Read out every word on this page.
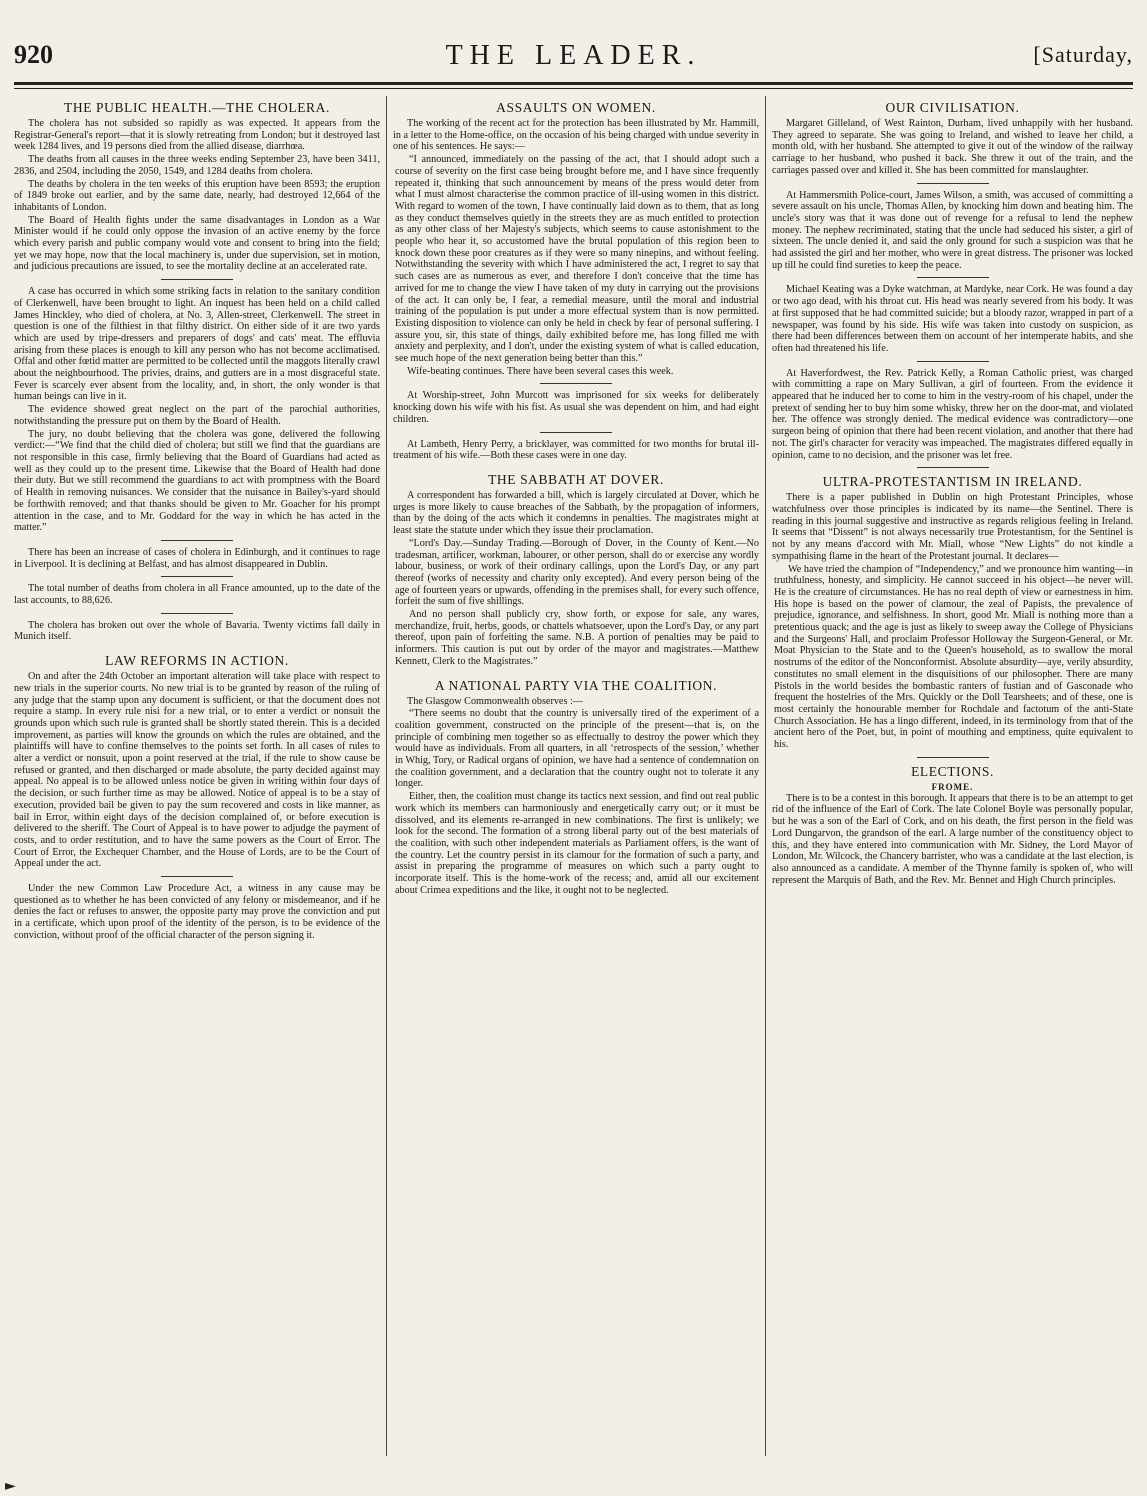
920	THE LEADER.	[Saturday,
THE PUBLIC HEALTH.—THE CHOLERA.

The cholera has not subsided so rapidly as was expected. It appears from the Registrar-General's report—that it is slowly retreating from London; but it destroyed last week 1284 lives, and 19 persons died from the allied disease, diarrhœa.

The deaths from all causes in the three weeks ending September 23, have been 3411, 2836, and 2504, including the 2050, 1549, and 1284 deaths from cholera.

The deaths by cholera in the ten weeks of this eruption have been 8593; the eruption of 1849 broke out earlier, and by the same date, nearly, had destroyed 12,664 of the inhabitants of London.

The Board of Health fights under the same disadvantages in London as a War Minister would if he could only oppose the invasion of an active enemy by the force which every parish and public company would vote and consent to bring into the field; yet we may hope, now that the local machinery is, under due supervision, set in motion, and judicious precautions are issued, to see the mortality decline at an accelerated rate.

A case has occurred in which some striking facts in relation to the sanitary condition of Clerkenwell, have been brought to light. An inquest has been held on a child called James Hinckley, who died of cholera, at No. 3, Allen-street, Clerkenwell. The street in question is one of the filthiest in that filthy district. On either side of it are two yards which are used by tripe-dressers and preparers of dogs' and cats' meat. The effluvia arising from these places is enough to kill any person who has not become acclimatised. Offal and other fœtid matter are permitted to be collected until the maggots literally crawl about the neighbourhood. The privies, drains, and gutters are in a most disgraceful state. Fever is scarcely ever absent from the locality, and, in short, the only wonder is that human beings can live in it.

The evidence showed great neglect on the part of the parochial authorities, notwithstanding the pressure put on them by the Board of Health.

The jury, no doubt believing that the cholera was gone, delivered the following verdict:—“We find that the child died of cholera; but still we find that the guardians are not responsible in this case, firmly believing that the Board of Guardians had acted as well as they could up to the present time. Likewise that the Board of Health had done their duty. But we still recommend the guardians to act with promptness with the Board of Health in removing nuisances. We consider that the nuisance in Bailey's-yard should be forthwith removed; and that thanks should be given to Mr. Goacher for his prompt attention in the case, and to Mr. Goddard for the way in which he has acted in the matter.”

There has been an increase of cases of cholera in Edinburgh, and it continues to rage in Liverpool. It is declining at Belfast, and has almost disappeared in Dublin.

The total number of deaths from cholera in all France amounted, up to the date of the last accounts, to 88,626.

The cholera has broken out over the whole of Bavaria. Twenty victims fall daily in Munich itself.

LAW REFORMS IN ACTION.

On and after the 24th October an important alteration will take place with respect to new trials in the superior courts. No new trial is to be granted by reason of the ruling of any judge that the stamp upon any document is sufficient, or that the document does not require a stamp. In every rule nisi for a new trial, or to enter a verdict or nonsuit the grounds upon which such rule is granted shall be shortly stated therein. This is a decided improvement, as parties will know the grounds on which the rules are obtained, and the plaintiffs will have to confine themselves to the points set forth. In all cases of rules to alter a verdict or nonsuit, upon a point reserved at the trial, if the rule to show cause be refused or granted, and then discharged or made absolute, the party decided against may appeal. No appeal is to be allowed unless notice be given in writing within four days of the decision, or such further time as may be allowed. Notice of appeal is to be a stay of execution, provided bail be given to pay the sum recovered and costs in like manner, as bail in Error, within eight days of the decision complained of, or before execution is delivered to the sheriff. The Court of Appeal is to have power to adjudge the payment of costs, and to order restitution, and to have the same powers as the Court of Error. The Court of Error, the Exchequer Chamber, and the House of Lords, are to be the Court of Appeal under the act.

Under the new Common Law Procedure Act, a witness in any cause may be questioned as to whether he has been convicted of any felony or misdemeanor, and if he denies the fact or refuses to answer, the opposite party may prove the conviction and put in a certificate, which upon proof of the identity of the person, is to be evidence of the conviction, without proof of the official character of the person signing it.

ASSAULTS ON WOMEN.

The working of the recent act for the protection has been illustrated by Mr. Hammill, in a letter to the Home-office, on the occasion of his being charged with undue severity in one of his sentences. He says:—

“I announced, immediately on the passing of the act, that I should adopt such a course of severity on the first case being brought before me, and I have since frequently repeated it, thinking that such announcement by means of the press would deter from what I must almost characterise the common practice of ill-using women in this district. With regard to women of the town, I have continually laid down as to them, that as long as they conduct themselves quietly in the streets they are as much entitled to protection as any other class of her Majesty's subjects, which seems to cause astonishment to the people who hear it, so accustomed have the brutal population of this region been to knock down these poor creatures as if they were so many ninepins, and without feeling. Notwithstanding the severity with which I have administered the act, I regret to say that such cases are as numerous as ever, and therefore I don't conceive that the time has arrived for me to change the view I have taken of my duty in carrying out the provisions of the act. It can only be, I fear, a remedial measure, until the moral and industrial training of the population is put under a more effectual system than is now permitted. Existing disposition to violence can only be held in check by fear of personal suffering. I assure you, sir, this state of things, daily exhibited before me, has long filled me with anxiety and perplexity, and I don't, under the existing system of what is called education, see much hope of the next generation being better than this.”

Wife-beating continues. There have been several cases this week.

At Worship-street, John Murcott was imprisoned for six weeks for deliberately knocking down his wife with his fist. As usual she was dependent on him, and had eight children.

At Lambeth, Henry Perry, a bricklayer, was committed for two months for brutal ill-treatment of his wife.—Both these cases were in one day.

THE SABBATH AT DOVER.

A correspondent has forwarded a bill, which is largely circulated at Dover, which he urges is more likely to cause breaches of the Sabbath, by the propagation of informers, than by the doing of the acts which it condemns in penalties. The magistrates might at least state the statute under which they issue their proclamation.

“Lord's Day.—Sunday Trading.—Borough of Dover, in the County of Kent.—No tradesman, artificer, workman, labourer, or other person, shall do or exercise any wordly labour, business, or work of their ordinary callings, upon the Lord's Day, or any part thereof (works of necessity and charity only excepted). And every person being of the age of fourteen years or upwards, offending in the premises shall, for every such offence, forfeit the sum of five shillings.

And no person shall publicly cry, show forth, or expose for sale, any wares, merchandize, fruit, herbs, goods, or chattels whatsoever, upon the Lord's Day, or any part thereof, upon pain of forfeiting the same. N.B. A portion of penalties may be paid to informers. This caution is put out by order of the mayor and magistrates.—Matthew Kennett, Clerk to the Magistrates.”

A NATIONAL PARTY VIA THE COALITION.

The Glasgow Commonwealth observes :—

“There seems no doubt that the country is universally tired of the experiment of a coalition government, constructed on the principle of the present—that is, on the principle of combining men together so as effectually to destroy the power which they would have as individuals. From all quarters, in all ‘retrospects of the session,’ whether in Whig, Tory, or Radical organs of opinion, we have had a sentence of condemnation on the coalition government, and a declaration that the country ought not to tolerate it any longer.

Either, then, the coalition must change its tactics next session, and find out real public work which its members can harmoniously and energetically carry out; or it must be dissolved, and its elements re-arranged in new combinations. The first is unlikely; we look for the second. The formation of a strong liberal party out of the best materials of the coalition, with such other independent materials as Parliament offers, is the want of the country. Let the country persist in its clamour for the formation of such a party, and assist in preparing the programme of measures on which such a party ought to incorporate itself. This is the home-work of the recess; and, amid all our excitement about Crimea expeditions and the like, it ought not to be neglected.

OUR CIVILISATION.

Margaret Gilleland, of West Rainton, Durham, lived unhappily with her husband. They agreed to separate. She was going to Ireland, and wished to leave her child, a month old, with her husband. She attempted to give it out of the window of the railway carriage to her husband, who pushed it back. She threw it out of the train, and the carriages passed over and killed it. She has been committed for manslaughter.

At Hammersmith Police-court, James Wilson, a smith, was accused of committing a severe assault on his uncle, Thomas Allen, by knocking him down and beating him. The uncle's story was that it was done out of revenge for a refusal to lend the nephew money. The nephew recriminated, stating that the uncle had seduced his sister, a girl of sixteen. The uncle denied it, and said the only ground for such a suspicion was that he had assisted the girl and her mother, who were in great distress. The prisoner was locked up till he could find sureties to keep the peace.

Michael Keating was a Dyke watchman, at Mardyke, near Cork. He was found a day or two ago dead, with his throat cut. His head was nearly severed from his body. It was at first supposed that he had committed suicide; but a bloody razor, wrapped in part of a newspaper, was found by his side. His wife was taken into custody on suspicion, as there had been differences between them on account of her intemperate habits, and she often had threatened his life.

At Haverfordwest, the Rev. Patrick Kelly, a Roman Catholic priest, was charged with committing a rape on Mary Sullivan, a girl of fourteen. From the evidence it appeared that he induced her to come to him in the vestry-room of his chapel, under the pretext of sending her to buy him some whisky, threw her on the door-mat, and violated her. The offence was strongly denied. The medical evidence was contradictory—one surgeon being of opinion that there had been recent violation, and another that there had not. The girl's character for veracity was impeached. The magistrates differed equally in opinion, came to no decision, and the prisoner was let free.

ULTRA-PROTESTANTISM IN IRELAND.

There is a paper published in Dublin on high Protestant Principles, whose watchfulness over those principles is indicated by its name—the Sentinel. There is reading in this journal suggestive and instructive as regards religious feeling in Ireland. It seems that “Dissent” is not always necessarily true Protestantism, for the Sentinel is not by any means d'accord with Mr. Miall, whose “New Lights” do not kindle a sympathising flame in the heart of the Protestant journal. It declares—

We have tried the champion of “Independency,” and we pronounce him wanting—in truthfulness, honesty, and simplicity. He cannot succeed in his object—he never will. He is the creature of circumstances. He has no real depth of view or earnestness in him. His hope is based on the power of clamour, the zeal of Papists, the prevalence of prejudice, ignorance, and selfishness. In short, good Mr. Miall is nothing more than a pretentious quack; and the age is just as likely to sweep away the College of Physicians and the Surgeons' Hall, and proclaim Professor Holloway the Surgeon-General, or Mr. Moat Physician to the State and to the Queen's household, as to swallow the moral nostrums of the editor of the Nonconformist. Absolute absurdity—aye, verily absurdity, constitutes no small element in the disquisitions of our philosopher. There are many Pistols in the world besides the bombastic ranters of fustian and of Gasconade who frequent the hostelries of the Mrs. Quickly or the Doll Tearsheets; and of these, one is most certainly the honourable member for Rochdale and factotum of the anti-State Church Association. He has a lingo different, indeed, in its terminology from that of the ancient hero of the Poet, but, in point of mouthing and emptiness, quite equivalent to his.

ELECTIONS.
FROME.

There is to be a contest in this borough. It appears that there is to be an attempt to get rid of the influence of the Earl of Cork. The late Colonel Boyle was personally popular, but he was a son of the Earl of Cork, and on his death, the first person in the field was Lord Dungarvon, the grandson of the earl. A large number of the constituency object to this, and they have entered into communication with Mr. Sidney, the Lord Mayor of London, Mr. Wilcock, the Chancery barrister, who was a candidate at the last election, is also announced as a candidate. A member of the Thynne family is spoken of, who will represent the Marquis of Bath, and the Rev. Mr. Bennet and High Church principles.

►
